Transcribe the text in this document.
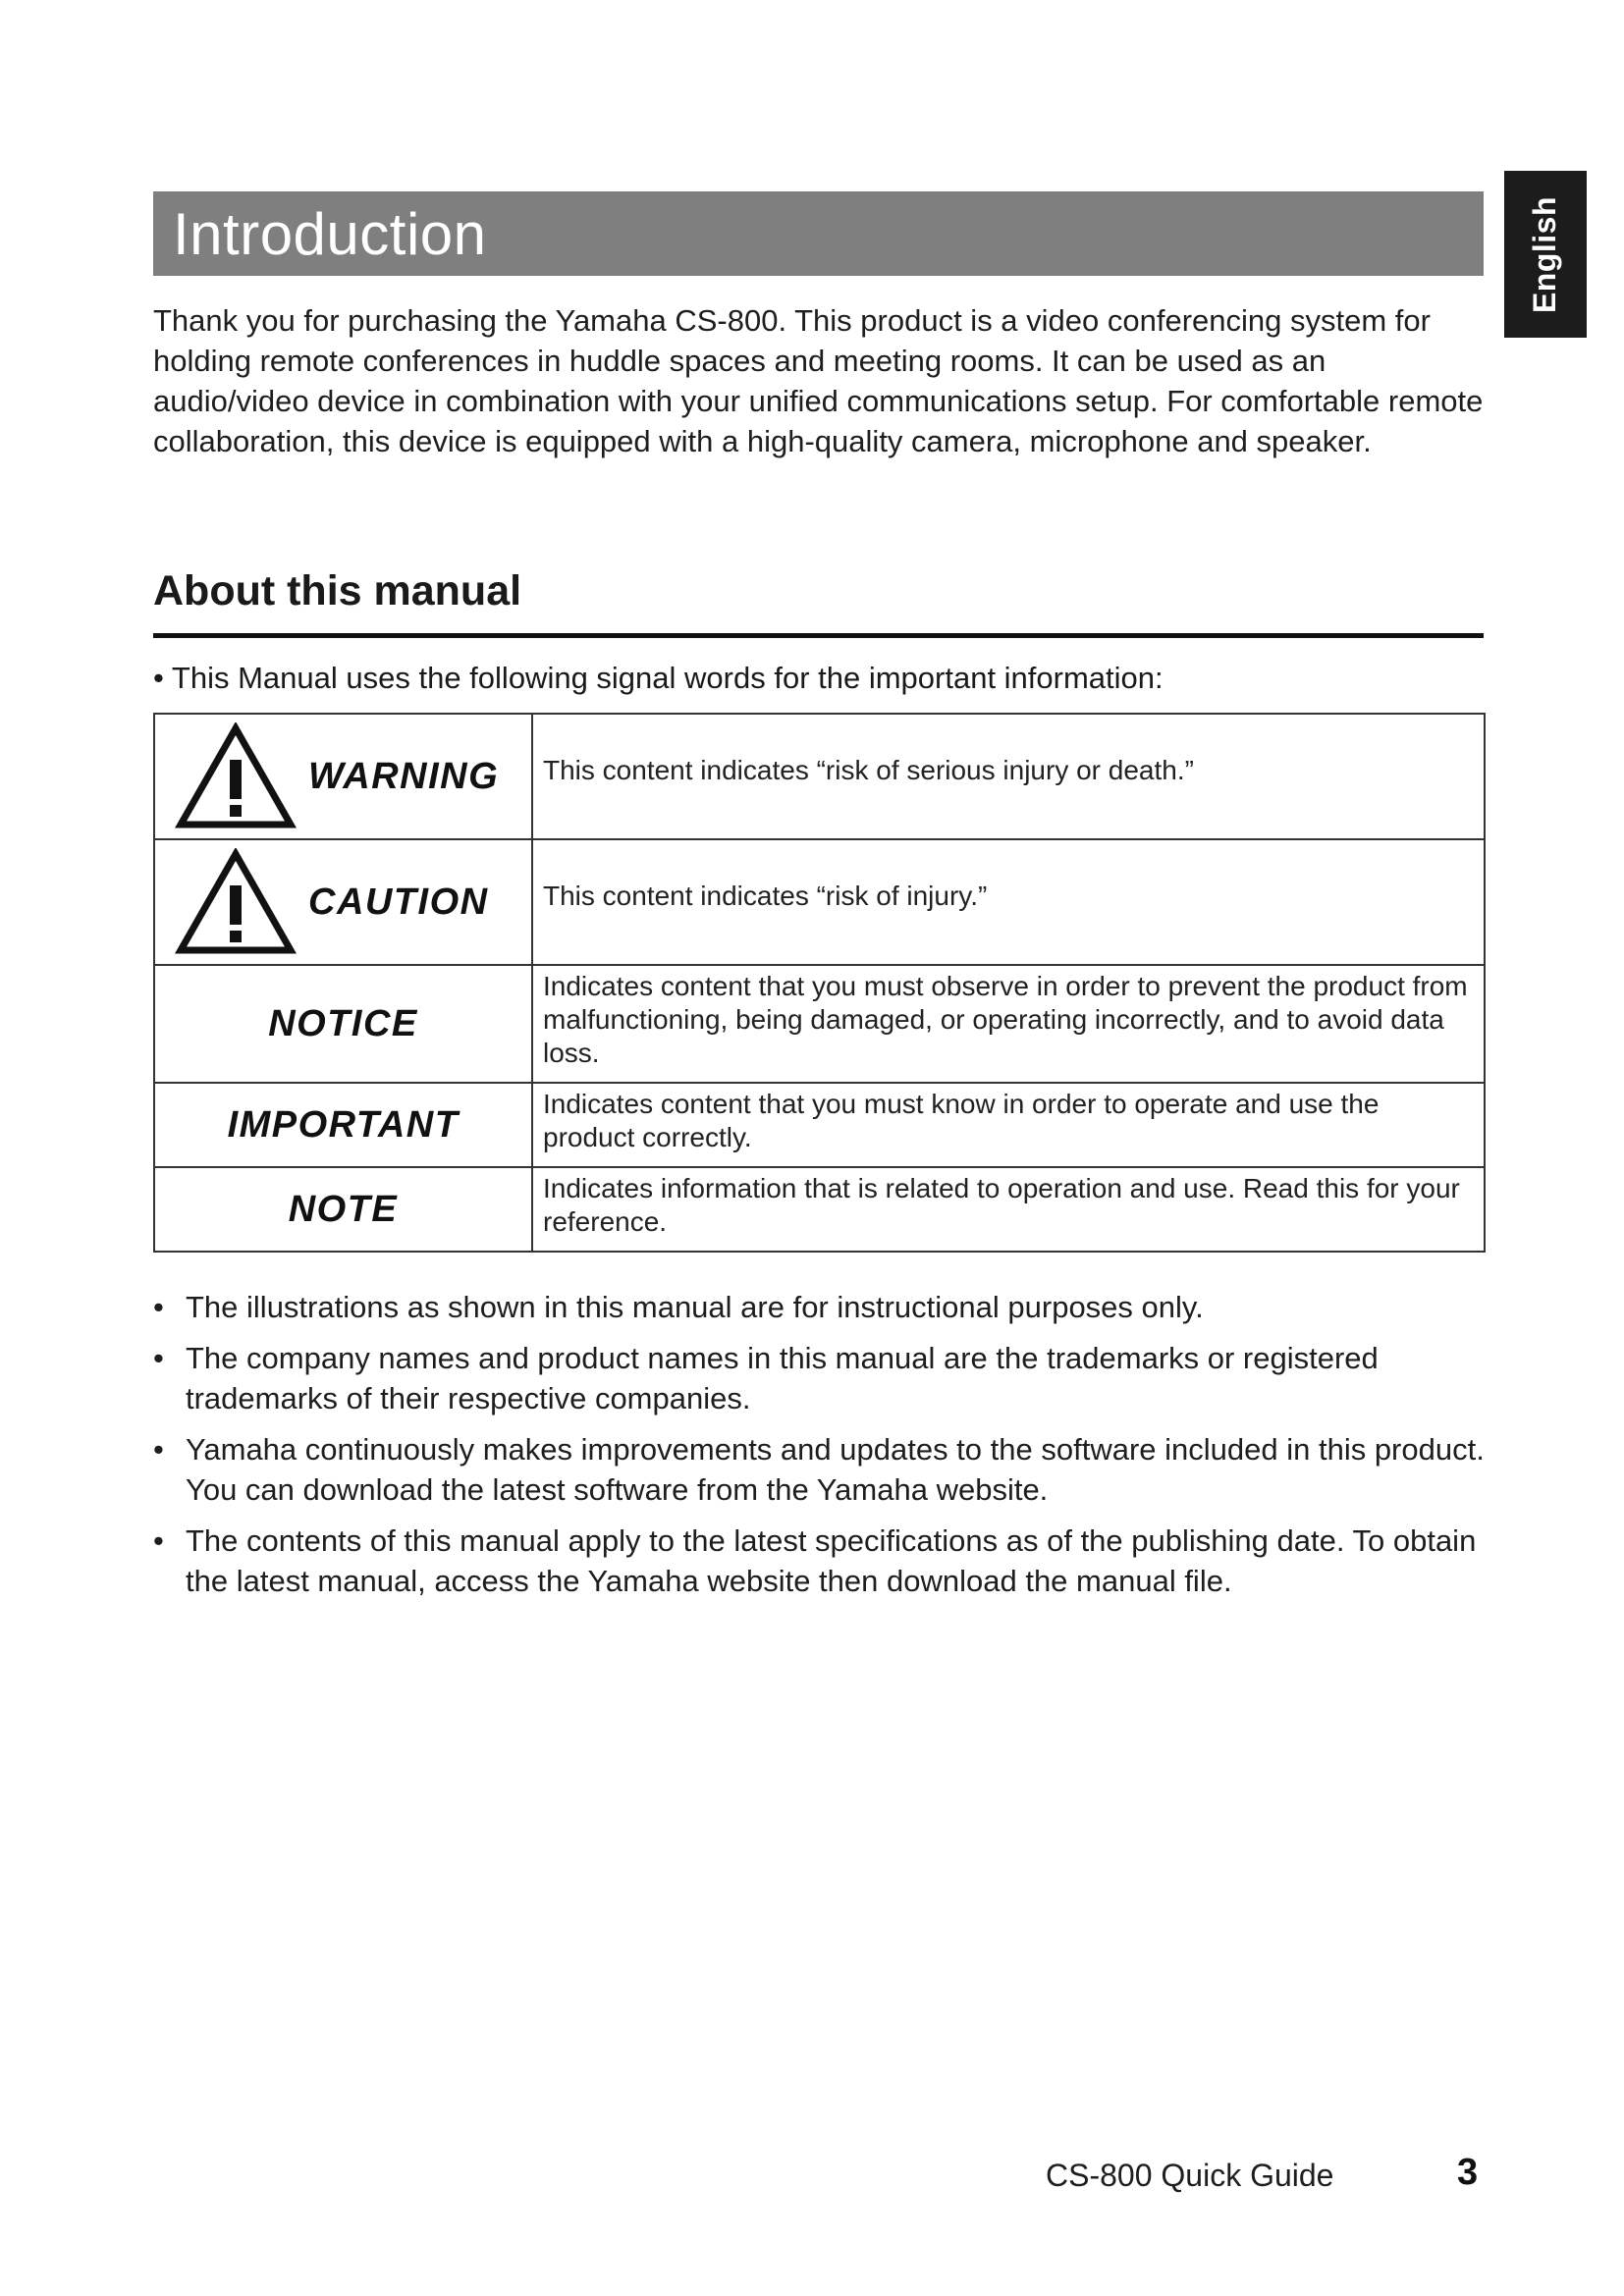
English
Introduction

Thank you for purchasing the Yamaha CS-800. This product is a video conferencing system for holding remote conferences in huddle spaces and meeting rooms. It can be used as an audio/video device in combination with your unified communications setup. For comfortable remote collaboration, this device is equipped with a high-quality camera, microphone and speaker.

About this manual

• This Manual uses the following signal words for the important information:

WARNING	This content indicates “risk of serious injury or death.”

CAUTION	This content indicates “risk of injury.”
NOTICE	Indicates content that you must observe in order to prevent the product from malfunctioning, being damaged, or operating incorrectly, and to avoid data loss.
IMPORTANT	Indicates content that you must know in order to operate and use the product correctly.
NOTE	Indicates information that is related to operation and use. Read this for your reference.
• The illustrations as shown in this manual are for instructional purposes only.
• The company names and product names in this manual are the trademarks or registered trademarks of their respective companies.
• Yamaha continuously makes improvements and updates to the software included in this product. You can download the latest software from the Yamaha website.
• The contents of this manual apply to the latest specifications as of the publishing date. To obtain the latest manual, access the Yamaha website then download the manual file.
CS-800 Quick Guide	3
